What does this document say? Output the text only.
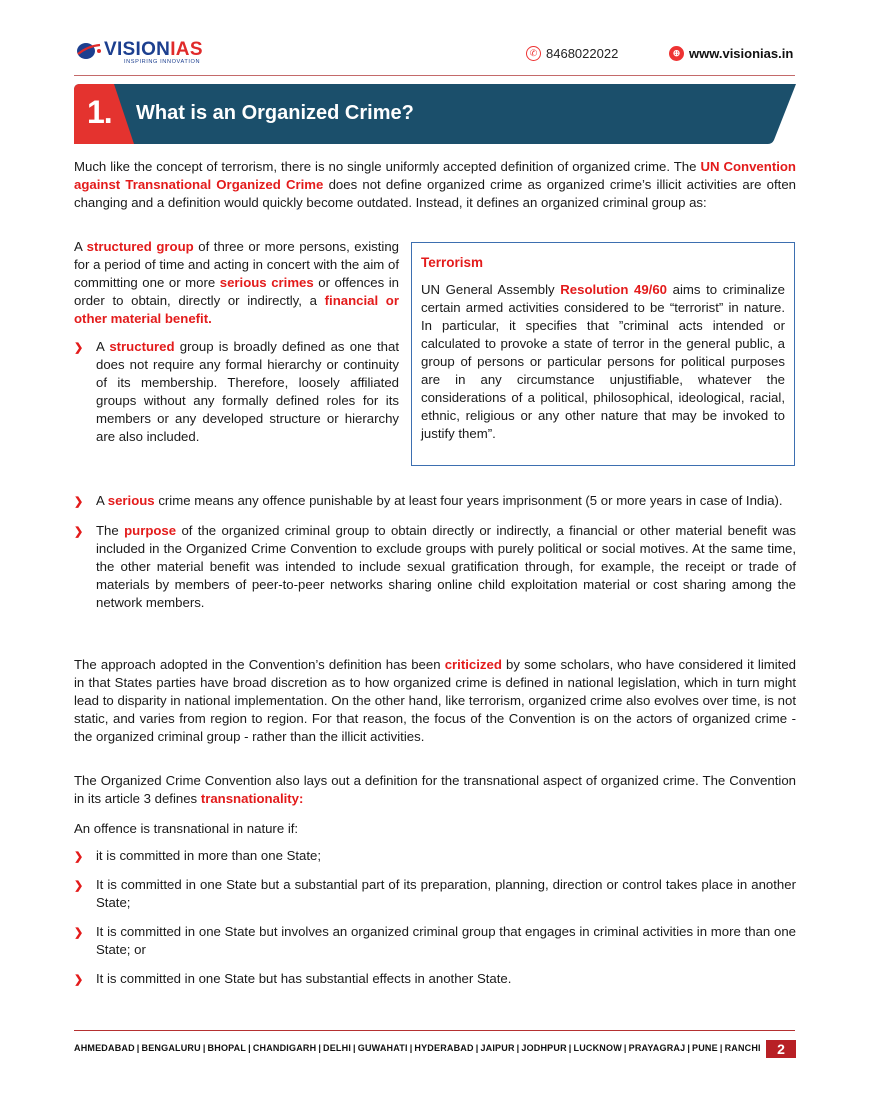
VISIONIAS
INSPIRING INNOVATION
✆ 8468022022	⊕ www.visionias.in
1. What is an Organized Crime?

Much like the concept of terrorism, there is no single uniformly accepted definition of organized crime. The UN Convention against Transnational Organized Crime does not define organized crime as organized crime’s illicit activities are often changing and a definition would quickly become outdated. Instead, it defines an organized criminal group as:

A structured group of three or more persons, existing for a period of time and acting in concert with the aim of committing one or more serious crimes or offences in order to obtain, directly or indirectly, a financial or other material benefit.

❯ A structured group is broadly defined as one that does not require any formal hierarchy or continuity of its membership. Therefore, loosely affiliated groups without any formally defined roles for its members or any developed structure or hierarchy are also included.
Terrorism

UN General Assembly Resolution 49/60 aims to criminalize certain armed activities considered to be “terrorist” in nature. In particular, it specifies that ”criminal acts intended or calculated to provoke a state of terror in the general public, a group of persons or particular persons for political purposes are in any circumstance unjustifiable, whatever the considerations of a political, philosophical, ideological, racial, ethnic, religious or any other nature that may be invoked to justify them”.

❯ A serious crime means any offence punishable by at least four years imprisonment (5 or more years in case of India).
❯ The purpose of the organized criminal group to obtain directly or indirectly, a financial or other material benefit was included in the Organized Crime Convention to exclude groups with purely political or social motives. At the same time, the other material benefit was intended to include sexual gratification through, for example, the receipt or trade of materials by members of peer-to-peer networks sharing online child exploitation material or cost sharing among the network members.

The approach adopted in the Convention’s definition has been criticized by some scholars, who have considered it limited in that States parties have broad discretion as to how organized crime is defined in national legislation, which in turn might lead to disparity in national implementation. On the other hand, like terrorism, organized crime also evolves over time, is not static, and varies from region to region. For that reason, the focus of the Convention is on the actors of organized crime - the organized criminal group - rather than the illicit activities.

The Organized Crime Convention also lays out a definition for the transnational aspect of organized crime. The Convention in its article 3 defines transnationality:

An offence is transnational in nature if:
❯ it is committed in more than one State;
❯ It is committed in one State but a substantial part of its preparation, planning, direction or control takes place in another State;
❯ It is committed in one State but involves an organized criminal group that engages in criminal activities in more than one State; or
❯ It is committed in one State but has substantial effects in another State.
AHMEDABAD | BENGALURU | BHOPAL | CHANDIGARH | DELHI | GUWAHATI | HYDERABAD | JAIPUR | JODHPUR | LUCKNOW | PRAYAGRAJ | PUNE | RANCHI	2
